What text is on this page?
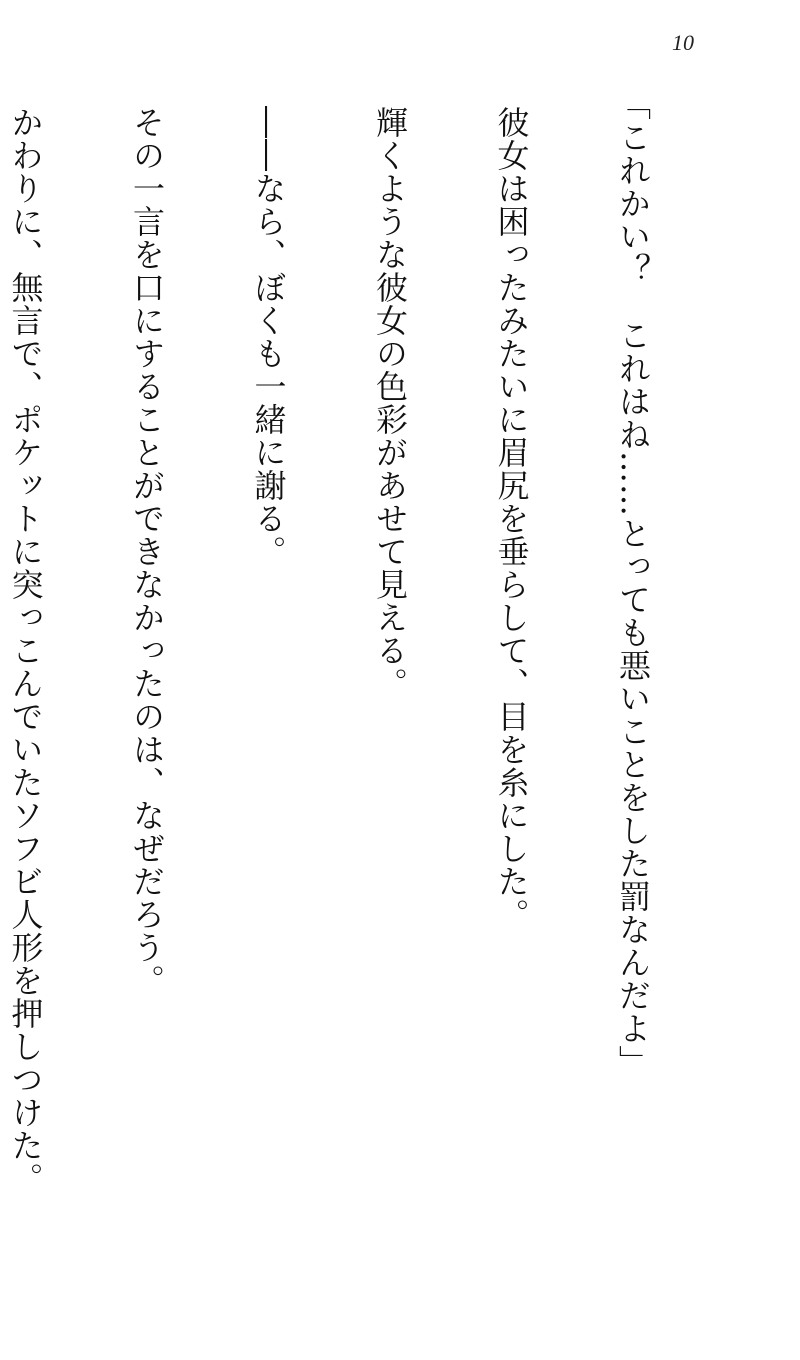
10

「これかい？　これはね……とっても悪いことをした罰なんだよ」

彼女は困ったみたいに眉尻を垂らして、目を糸にした。

輝くような彼女の色彩があせて見える。

――なら、ぼくも一緒に謝る。

その一言を口にすることができなかったのは、なぜだろう。

かわりに、無言で、ポケットに突っこんでいたソフビ人形を押しつけた。
